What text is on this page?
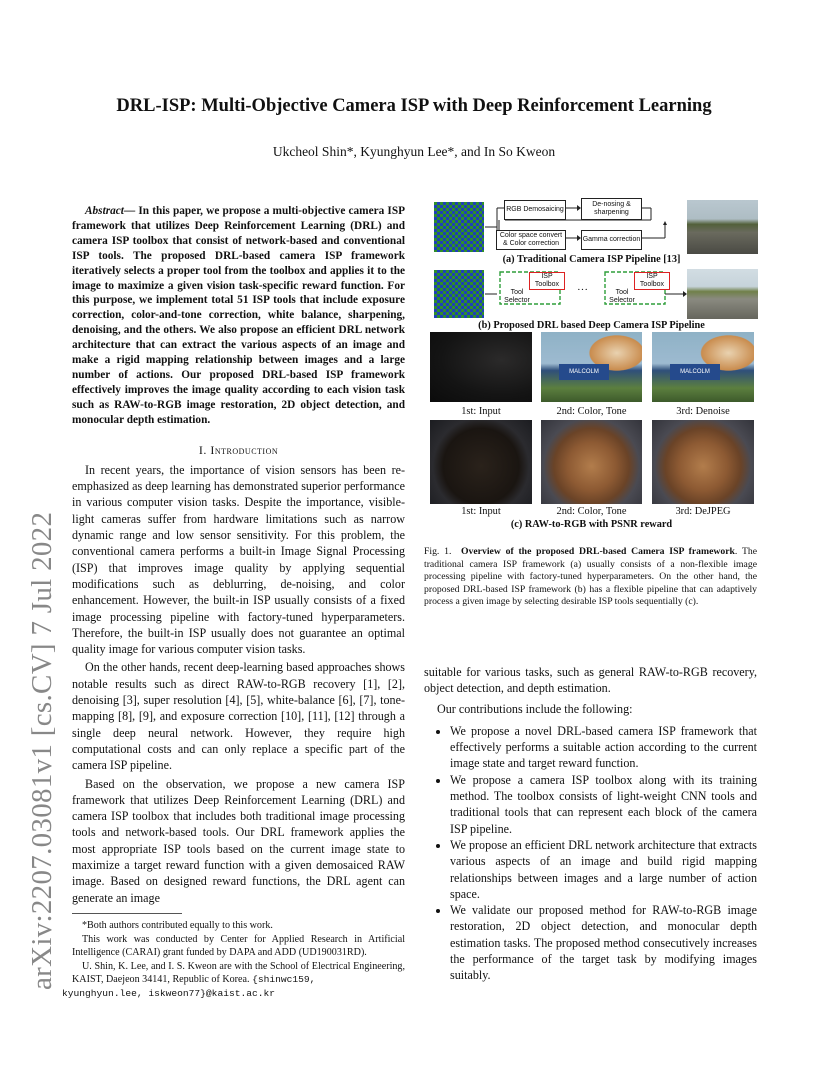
arXiv:2207.03081v1 [cs.CV] 7 Jul 2022
DRL-ISP: Multi-Objective Camera ISP with Deep Reinforcement Learning
Ukcheol Shin*, Kyunghyun Lee*, and In So Kweon
Abstract— In this paper, we propose a multi-objective camera ISP framework that utilizes Deep Reinforcement Learning (DRL) and camera ISP toolbox that consist of network-based and conventional ISP tools. The proposed DRL-based camera ISP framework iteratively selects a proper tool from the toolbox and applies it to the image to maximize a given vision task-specific reward function. For this purpose, we implement total 51 ISP tools that include exposure correction, color-and-tone correction, white balance, sharpening, denoising, and the others. We also propose an efficient DRL network architecture that can extract the various aspects of an image and make a rigid mapping relationship between images and a large number of actions. Our proposed DRL-based ISP framework effectively improves the image quality according to each vision task such as RAW-to-RGB image restoration, 2D object detection, and monocular depth estimation.
I. Introduction

In recent years, the importance of vision sensors has been re-emphasized as deep learning has demonstrated superior performance in various computer vision tasks. Despite the importance, visible-light cameras suffer from hardware limitations such as narrow dynamic range and low sensor sensitivity. For this problem, the conventional camera performs a built-in Image Signal Processing (ISP) that improves image quality by applying sequential modifications such as deblurring, de-noising, and color enhancement. However, the built-in ISP usually consists of a fixed image processing pipeline with factory-tuned hyperparameters. Therefore, the built-in ISP usually does not guarantee an optimal quality image for various computer vision tasks.

On the other hands, recent deep-learning based approaches shows notable results such as direct RAW-to-RGB recovery [1], [2], denoising [3], super resolution [4], [5], white-balance [6], [7], tone-mapping [8], [9], and exposure correction [10], [11], [12] through a single deep neural network. However, they require high computational costs and can only replace a specific part of the camera ISP pipeline.

Based on the observation, we propose a new camera ISP framework that utilizes Deep Reinforcement Learning (DRL) and camera ISP toolbox that includes both traditional image processing tools and network-based tools. Our DRL framework applies the most appropriate ISP tools based on the current image state to maximize a target reward function with a given demosaiced RAW image. Based on designed reward functions, the DRL agent can generate an image

*Both authors contributed equally to this work.

This work was conducted by Center for Applied Research in Artificial Intelligence (CARAI) grant funded by DAPA and ADD (UD190031RD).

U. Shin, K. Lee, and I. S. Kweon are with the School of Electrical Engineering, KAIST, Daejeon 34141, Republic of Korea. {shinwc159,
kyunghyun.lee, iskweon77}@kaist.ac.kr

RGB Demosaicing
De-nosing & sharpening
Color space convert & Color correction
Gamma correction
(a) Traditional Camera ISP Pipeline [13]
ISP Toolbox
Tool Selector
···
ISP Toolbox
Tool Selector
(b) Proposed DRL based Deep Camera ISP Pipeline
MALCOLM	MALCOLM
1st: Input	2nd: Color, Tone	3rd: Denoise
1st: Input	2nd: Color, Tone	3rd: DeJPEG
(c) RAW-to-RGB with PSNR reward
Fig. 1. Overview of the proposed DRL-based Camera ISP framework. The traditional camera ISP framework (a) usually consists of a non-flexible image processing pipeline with factory-tuned hyperparameters. On the other hand, the proposed DRL-based ISP framework (b) has a flexible pipeline that can adaptively process a given image by selecting desirable ISP tools sequentially (c).

suitable for various tasks, such as general RAW-to-RGB recovery, object detection, and depth estimation.

Our contributions include the following:

• We propose a novel DRL-based camera ISP framework that effectively performs a suitable action according to the current image state and target reward function.
• We propose a camera ISP toolbox along with its training method. The toolbox consists of light-weight CNN tools and traditional tools that can represent each block of the camera ISP pipeline.
• We propose an efficient DRL network architecture that extracts various aspects of an image and build rigid mapping relationships between images and a large number of action space.
• We validate our proposed method for RAW-to-RGB image restoration, 2D object detection, and monocular depth estimation tasks. The proposed method consecutively increases the performance of the target task by modifying images suitably.
